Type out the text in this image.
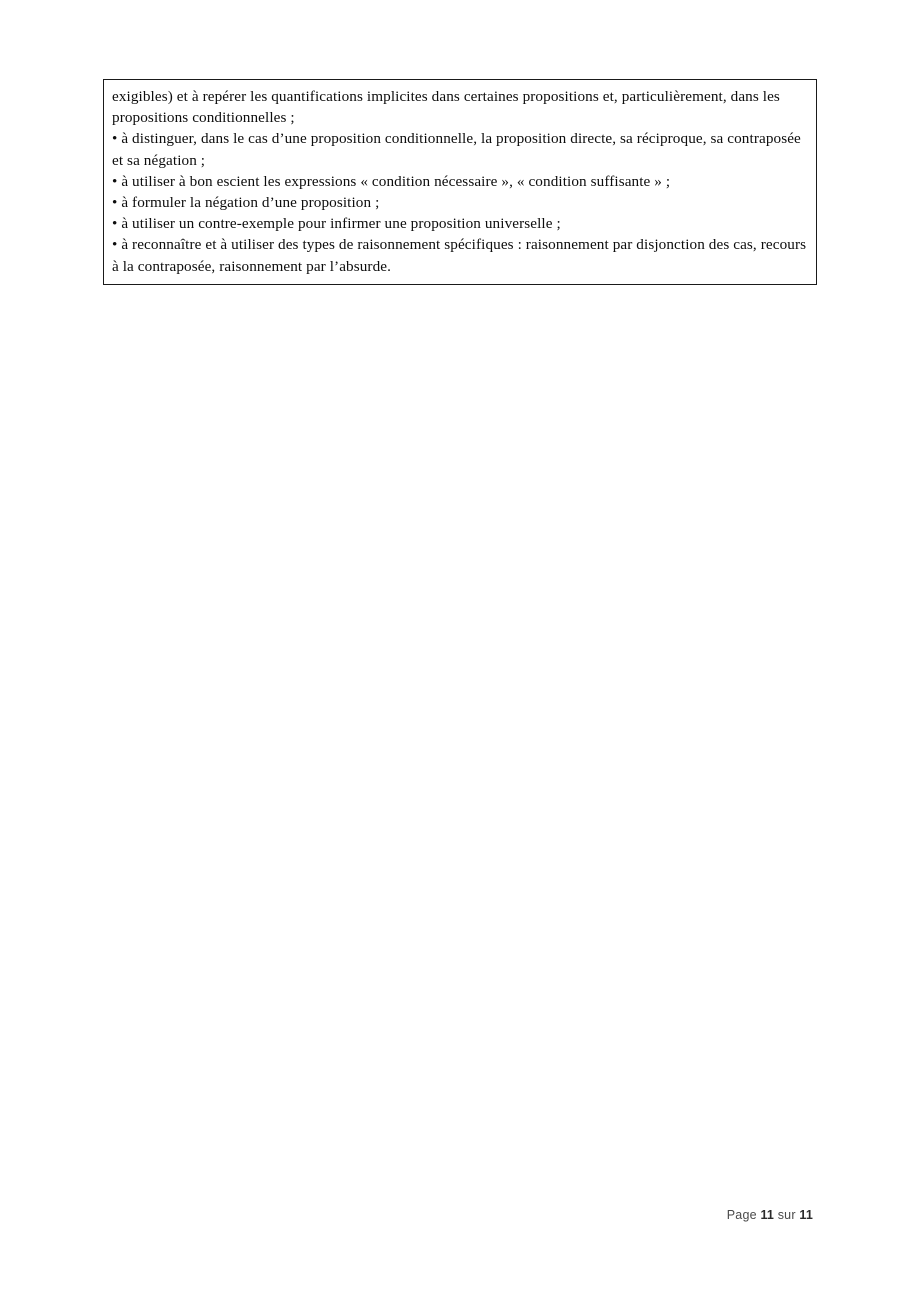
exigibles) et à repérer les quantifications implicites dans certaines propositions et, particulièrement, dans les propositions conditionnelles ;

• à distinguer, dans le cas d’une proposition conditionnelle, la proposition directe, sa réciproque, sa contraposée et sa négation ;

• à utiliser à bon escient les expressions « condition nécessaire », « condition suffisante » ;

• à formuler la négation d’une proposition ;

• à utiliser un contre-exemple pour infirmer une proposition universelle ;

• à reconnaître et à utiliser des types de raisonnement spécifiques : raisonnement par disjonction des cas, recours à la contraposée, raisonnement par l’absurde.

Page 11 sur 11
